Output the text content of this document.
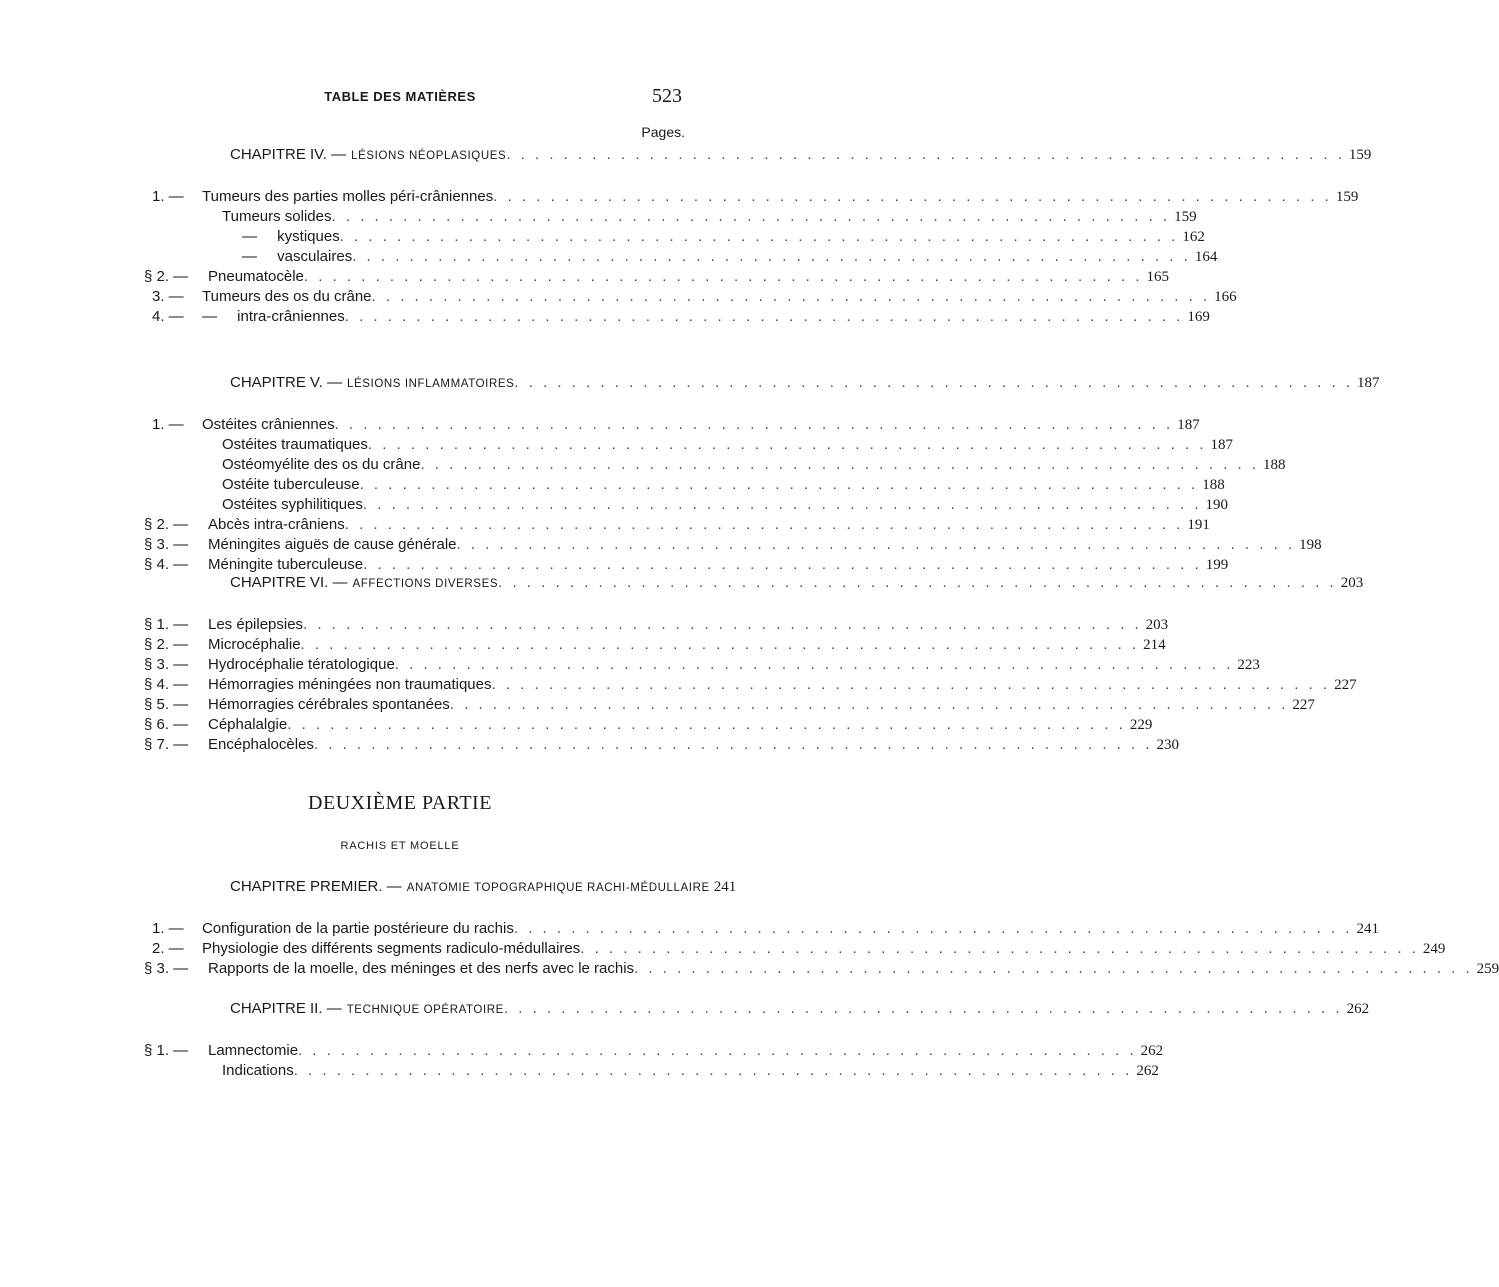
TABLE DES MATIÈRES	523
Pages.
CHAPITRE IV. — LÉSIONS NÉOPLASIQUES . . . . . . . . . . . . . . . . . . . . . . . . . . . . . . . . . . . . . . . . . . . . . . . . . . . . . . . . . . . 159
1. — Tumeurs des parties molles péri-crâniennes . . . . . . . . . . . . . . . . . . . . . . . . . . . . . . . . . . . . . . . . . . . . . . . . . . . . . . . . . . . 159
Tumeurs solides . . . . . . . . . . . . . . . . . . . . . . . . . . . . . . . . . . . . . . . . . . . . . . . . . . . . . . . . . . . 159
— kystiques . . . . . . . . . . . . . . . . . . . . . . . . . . . . . . . . . . . . . . . . . . . . . . . . . . . . . . . . . . . 162
— vasculaires . . . . . . . . . . . . . . . . . . . . . . . . . . . . . . . . . . . . . . . . . . . . . . . . . . . . . . . . . . . 164
§ 2. — Pneumatocèle . . . . . . . . . . . . . . . . . . . . . . . . . . . . . . . . . . . . . . . . . . . . . . . . . . . . . . . . . . . 165
3. — Tumeurs des os du crâne . . . . . . . . . . . . . . . . . . . . . . . . . . . . . . . . . . . . . . . . . . . . . . . . . . . . . . . . . . . 166
4. — — intra-crâniennes . . . . . . . . . . . . . . . . . . . . . . . . . . . . . . . . . . . . . . . . . . . . . . . . . . . . . . . . . . . 169
CHAPITRE V. — LÉSIONS INFLAMMATOIRES . . . . . . . . . . . . . . . . . . . . . . . . . . . . . . . . . . . . . . . . . . . . . . . . . . . . . . . . . . . 187
1. — Ostéites crâniennes . . . . . . . . . . . . . . . . . . . . . . . . . . . . . . . . . . . . . . . . . . . . . . . . . . . . . . . . . . . 187
Ostéites traumatiques . . . . . . . . . . . . . . . . . . . . . . . . . . . . . . . . . . . . . . . . . . . . . . . . . . . . . . . . . . . 187
Ostéomyélite des os du crâne . . . . . . . . . . . . . . . . . . . . . . . . . . . . . . . . . . . . . . . . . . . . . . . . . . . . . . . . . . . 188
Ostéite tuberculeuse . . . . . . . . . . . . . . . . . . . . . . . . . . . . . . . . . . . . . . . . . . . . . . . . . . . . . . . . . . . 188
Ostéites syphilitiques . . . . . . . . . . . . . . . . . . . . . . . . . . . . . . . . . . . . . . . . . . . . . . . . . . . . . . . . . . . 190
§ 2. — Abcès intra-crâniens . . . . . . . . . . . . . . . . . . . . . . . . . . . . . . . . . . . . . . . . . . . . . . . . . . . . . . . . . . . 191
§ 3. — Méningites aiguës de cause générale . . . . . . . . . . . . . . . . . . . . . . . . . . . . . . . . . . . . . . . . . . . . . . . . . . . . . . . . . . . 198
§ 4. — Méningite tuberculeuse . . . . . . . . . . . . . . . . . . . . . . . . . . . . . . . . . . . . . . . . . . . . . . . . . . . . . . . . . . . 199
CHAPITRE VI. — AFFECTIONS DIVERSES . . . . . . . . . . . . . . . . . . . . . . . . . . . . . . . . . . . . . . . . . . . . . . . . . . . . . . . . . . . 203
§ 1. — Les épilepsies . . . . . . . . . . . . . . . . . . . . . . . . . . . . . . . . . . . . . . . . . . . . . . . . . . . . . . . . . . . 203
§ 2. — Microcéphalie . . . . . . . . . . . . . . . . . . . . . . . . . . . . . . . . . . . . . . . . . . . . . . . . . . . . . . . . . . . 214
§ 3. — Hydrocéphalie tératologique . . . . . . . . . . . . . . . . . . . . . . . . . . . . . . . . . . . . . . . . . . . . . . . . . . . . . . . . . . . 223
§ 4. — Hémorragies méningées non traumatiques . . . . . . . . . . . . . . . . . . . . . . . . . . . . . . . . . . . . . . . . . . . . . . . . . . . . . . . . . . . 227
§ 5. — Hémorragies cérébrales spontanées . . . . . . . . . . . . . . . . . . . . . . . . . . . . . . . . . . . . . . . . . . . . . . . . . . . . . . . . . . . 227
§ 6. — Céphalalgie . . . . . . . . . . . . . . . . . . . . . . . . . . . . . . . . . . . . . . . . . . . . . . . . . . . . . . . . . . . 229
§ 7. — Encéphalocèles . . . . . . . . . . . . . . . . . . . . . . . . . . . . . . . . . . . . . . . . . . . . . . . . . . . . . . . . . . . 230
DEUXIÈME PARTIE
RACHIS ET MOELLE
CHAPITRE PREMIER. — ANATOMIE TOPOGRAPHIQUE RACHI-MÉDULLAIRE 241
1. — Configuration de la partie postérieure du rachis . . . . . . . . . . . . . . . . . . . . . . . . . . . . . . . . . . . . . . . . . . . . . . . . . . . . . . . . . . . 241
2. — Physiologie des différents segments radiculo-médullaires . . . . . . . . . . . . . . . . . . . . . . . . . . . . . . . . . . . . . . . . . . . . . . . . . . . . . . . . . . . 249
§ 3. — Rapports de la moelle, des méninges et des nerfs avec le rachis . . . . . . . . . . . . . . . . . . . . . . . . . . . . . . . . . . . . . . . . . . . . . . . . . . . . . . . . . . . 259
CHAPITRE II. — TECHNIQUE OPÉRATOIRE . . . . . . . . . . . . . . . . . . . . . . . . . . . . . . . . . . . . . . . . . . . . . . . . . . . . . . . . . . . 262
§ 1. — Lamnectomie . . . . . . . . . . . . . . . . . . . . . . . . . . . . . . . . . . . . . . . . . . . . . . . . . . . . . . . . . . . 262
Indications . . . . . . . . . . . . . . . . . . . . . . . . . . . . . . . . . . . . . . . . . . . . . . . . . . . . . . . . . . . 262
